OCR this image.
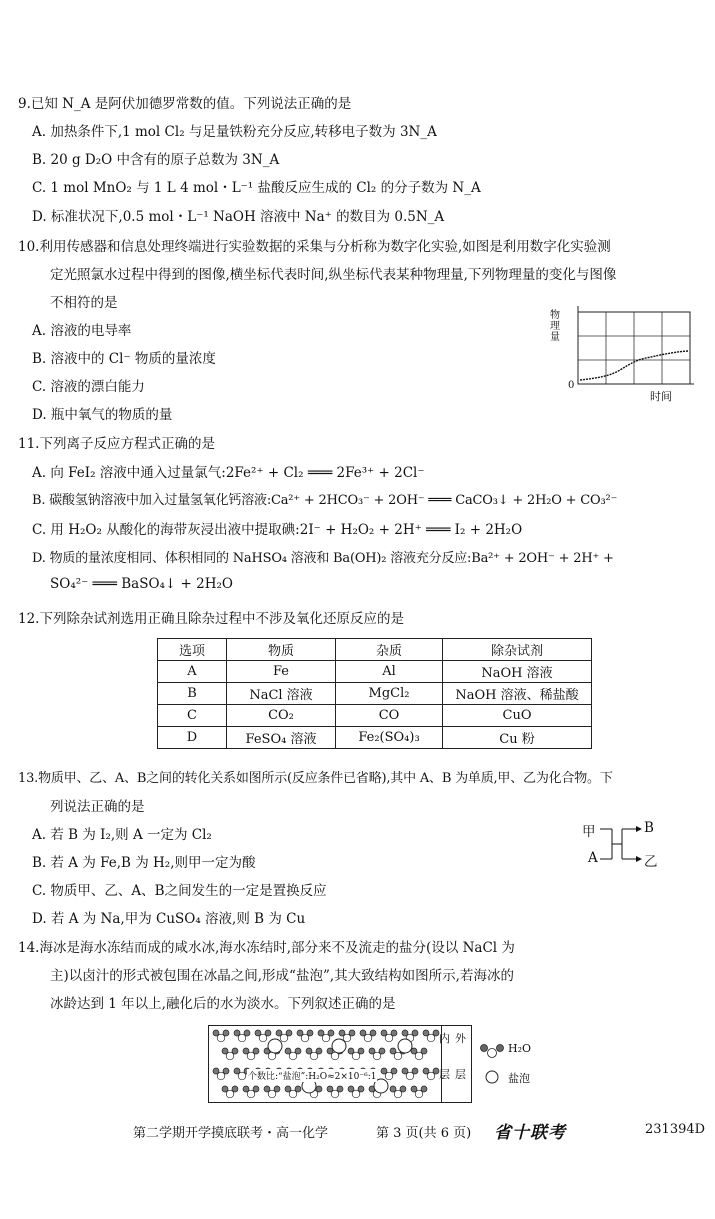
9.已知 N_A 是阿伏加德罗常数的值。下列说法正确的是
A. 加热条件下,1 mol Cl₂ 与足量铁粉充分反应,转移电子数为 3N_A
B. 20 g D₂O 中含有的原子总数为 3N_A
C. 1 mol MnO₂ 与 1 L 4 mol・L⁻¹ 盐酸反应生成的 Cl₂ 的分子数为 N_A
D. 标准状况下,0.5 mol・L⁻¹ NaOH 溶液中 Na⁺ 的数目为 0.5N_A
10.利用传感器和信息处理终端进行实验数据的采集与分析称为数字化实验,如图是利用数字化实验测
定光照氯水过程中得到的图像,横坐标代表时间,纵坐标代表某种物理量,下列物理量的变化与图像
不相符的是
A. 溶液的电导率
B. 溶液中的 Cl⁻ 物质的量浓度
C. 溶液的漂白能力
D. 瓶中氧气的物质的量
物理量
0
时间
11.下列离子反应方程式正确的是
A. 向 FeI₂ 溶液中通入过量氯气:2Fe²⁺ + Cl₂ ═══ 2Fe³⁺ + 2Cl⁻
B. 碳酸氢钠溶液中加入过量氢氧化钙溶液:Ca²⁺ + 2HCO₃⁻ + 2OH⁻ ═══ CaCO₃↓ + 2H₂O + CO₃²⁻
C. 用 H₂O₂ 从酸化的海带灰浸出液中提取碘:2I⁻ + H₂O₂ + 2H⁺ ═══ I₂ + 2H₂O
D. 物质的量浓度相同、体积相同的 NaHSO₄ 溶液和 Ba(OH)₂ 溶液充分反应:Ba²⁺ + 2OH⁻ + 2H⁺ +
SO₄²⁻ ═══ BaSO₄↓ + 2H₂O
12.下列除杂试剂选用正确且除杂过程中不涉及氧化还原反应的是
选项	物质	杂质	除杂试剂
A	Fe	Al	NaOH 溶液
B	NaCl 溶液	MgCl₂	NaOH 溶液、稀盐酸
C	CO₂	CO	CuO
D	FeSO₄ 溶液	Fe₂(SO₄)₃	Cu 粉
13.物质甲、乙、A、B之间的转化关系如图所示(反应条件已省略),其中 A、B 为单质,甲、乙为化合物。下
列说法正确的是
A. 若 B 为 I₂,则 A 一定为 Cl₂
B. 若 A 为 Fe,B 为 H₂,则甲一定为酸
C. 物质甲、乙、A、B之间发生的一定是置换反应
D. 若 A 为 Na,甲为 CuSO₄ 溶液,则 B 为 Cu
甲
A
B
乙
14.海冰是海水冻结而成的咸水冰,海水冻结时,部分来不及流走的盐分(设以 NaCl 为
主)以卤汁的形式被包围在冰晶之间,形成“盐泡”,其大致结构如图所示,若海冰的
冰龄达到 1 年以上,融化后的水为淡水。下列叙述正确的是
内
层
外
层
个数比:“盐泡”:H₂O≈2×10⁻⁶:1
H₂O
盐泡
第二学期开学摸底联考・高一化学	第 3 页(共 6 页) 省十联考	231394D
